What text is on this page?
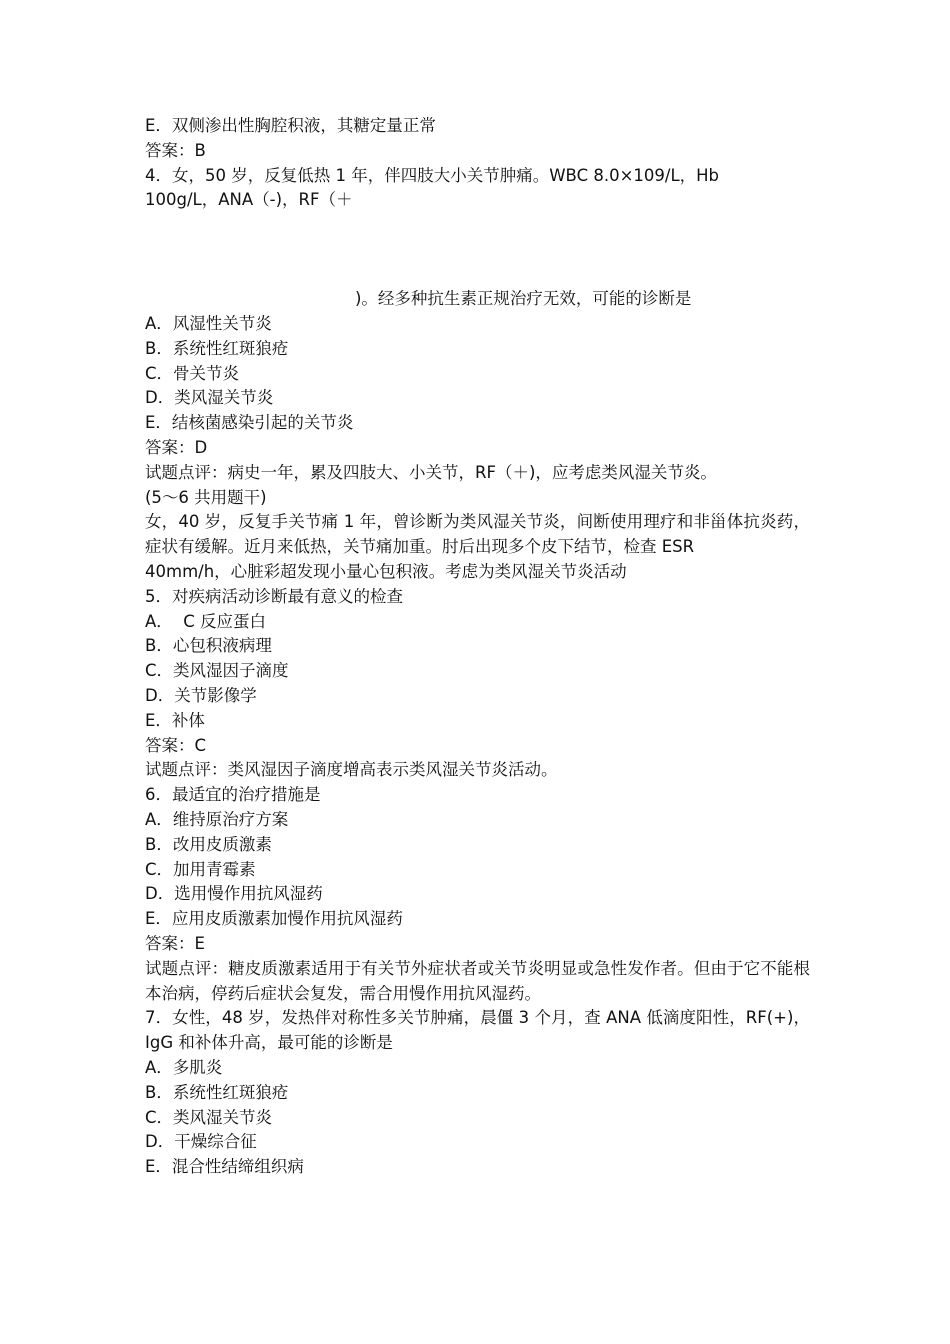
E．双侧渗出性胸腔积液，其糖定量正常
答案：B
4．女，50 岁，反复低热 1 年，伴四肢大小关节肿痛。WBC 8.0×109/L，Hb
100g/L，ANA（-)，RF（＋
)。经多种抗生素正规治疗无效，可能的诊断是
A．风湿性关节炎
B．系统性红斑狼疮
C．骨关节炎
D．类风湿关节炎
E．结核菌感染引起的关节炎
答案：D
试题点评：病史一年，累及四肢大、小关节，RF（＋)，应考虑类风湿关节炎。
(5～6 共用题干)
女，40 岁，反复手关节痛 1 年，曾诊断为类风湿关节炎，间断使用理疗和非甾体抗炎药，症状有缓解。近月来低热，关节痛加重。肘后出现多个皮下结节，检查 ESR
40mm/h，心脏彩超发现小量心包积液。考虑为类风湿关节炎活动
5．对疾病活动诊断最有意义的检查
A．  C 反应蛋白
B．心包积液病理
C．类风湿因子滴度
D．关节影像学
E．补体
答案：C
试题点评：类风湿因子滴度增高表示类风湿关节炎活动。
6．最适宜的治疗措施是
A．维持原治疗方案
B．改用皮质激素
C．加用青霉素
D．选用慢作用抗风湿药
E．应用皮质激素加慢作用抗风湿药
答案：E
试题点评：糖皮质激素适用于有关节外症状者或关节炎明显或急性发作者。但由于它不能根本治病，停药后症状会复发，需合用慢作用抗风湿药。
7．女性，48 岁，发热伴对称性多关节肿痛，晨僵 3 个月，查 ANA 低滴度阳性，RF(+)，IgG 和补体升高，最可能的诊断是
A．多肌炎
B．系统性红斑狼疮
C．类风湿关节炎
D．干燥综合征
E．混合性结缔组织病
